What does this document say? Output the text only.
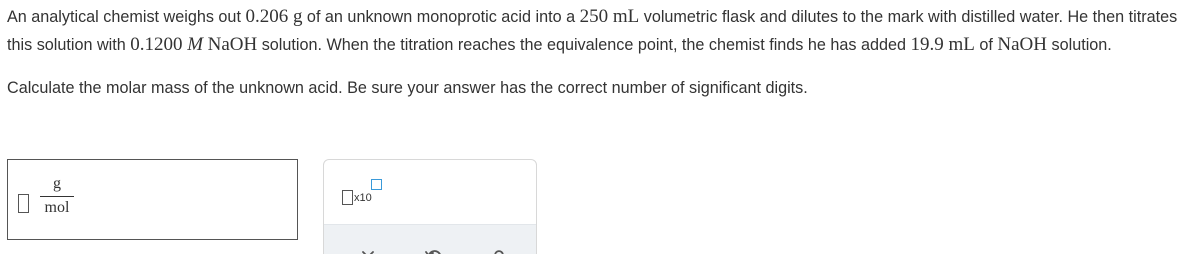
An analytical chemist weighs out 0.206 g of an unknown monoprotic acid into a 250 mL volumetric flask and dilutes to the mark with distilled water. He then titrates this solution with 0.1200 M NaOH solution. When the titration reaches the equivalence point, the chemist finds he has added 19.9 mL of NaOH solution.

Calculate the molar mass of the unknown acid. Be sure your answer has the correct number of significant digits.

g
mol
x10
